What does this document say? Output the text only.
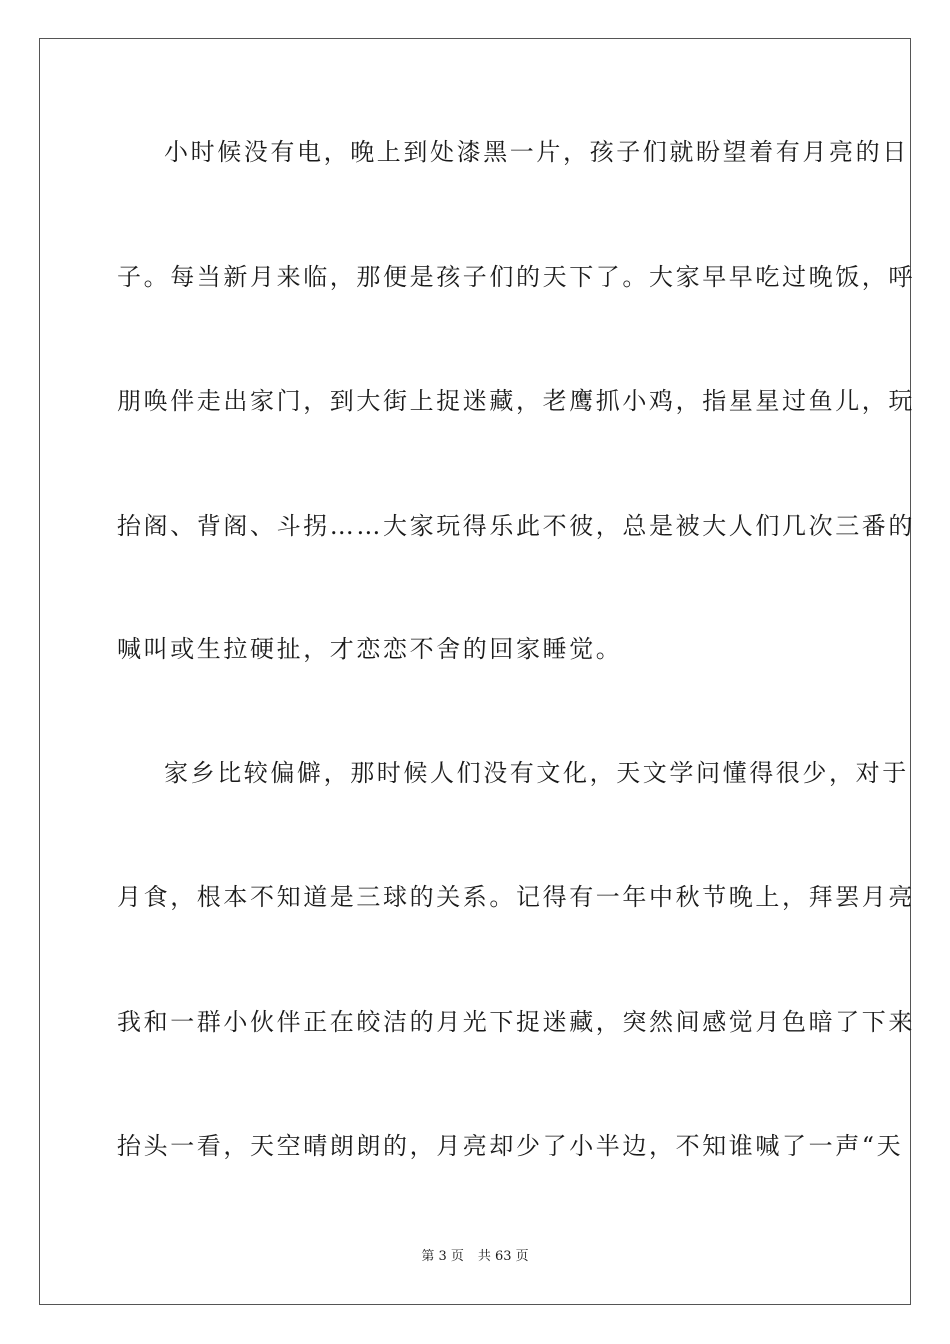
小时候没有电，晚上到处漆黑一片，孩子们就盼望着有月亮的日
子。每当新月来临，那便是孩子们的天下了。大家早早吃过晚饭，呼
朋唤伴走出家门，到大街上捉迷藏，老鹰抓小鸡，指星星过鱼儿，玩
抬阁、背阁、斗拐……大家玩得乐此不彼，总是被大人们几次三番的
喊叫或生拉硬扯，才恋恋不舍的回家睡觉。
家乡比较偏僻，那时候人们没有文化，天文学问懂得很少，对于
月食，根本不知道是三球的关系。记得有一年中秋节晚上，拜罢月亮
我和一群小伙伴正在皎洁的月光下捉迷藏，突然间感觉月色暗了下来
抬头一看，天空晴朗朗的，月亮却少了小半边，不知谁喊了一声“天
第 3 页 共 63 页
